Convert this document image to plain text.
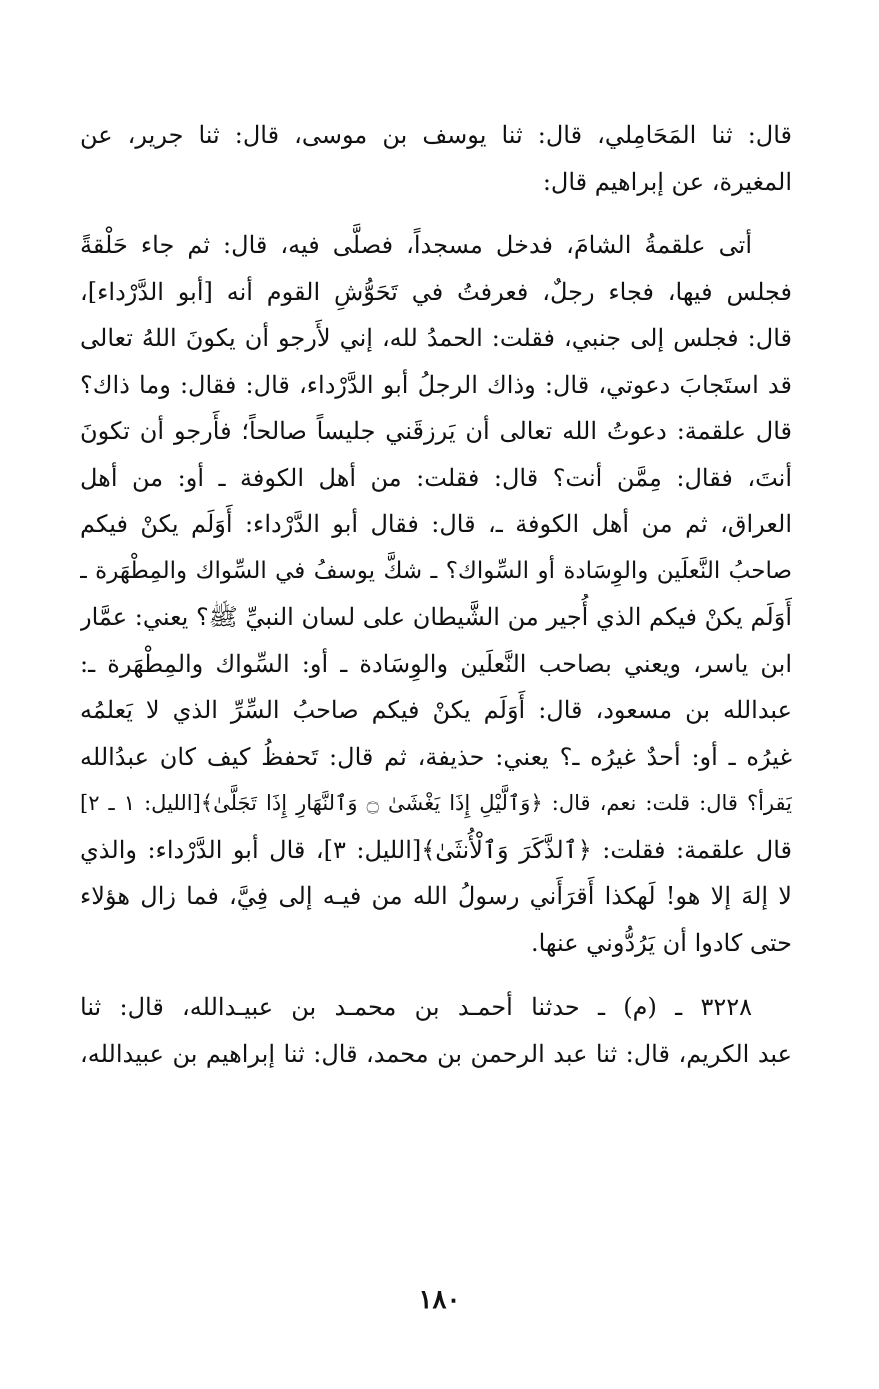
قال: ثنا المَحَامِلي، قال: ثنا يوسف بن موسى، قال: ثنا جرير، عن
المغيرة، عن إبراهيم قال:

أتى علقمةُ الشامَ، فدخل مسجداً، فصلَّى فيه، قال: ثم جاء حَلْقةً
فجلس فيها، فجاء رجلٌ، فعرفتُ في تَحَوُّشِ القوم أنه [أبو الدَّرْداء]،
قال: فجلس إلى جنبي، فقلت: الحمدُ لله، إني لأَرجو أن يكونَ اللهُ تعالى
قد استَجابَ دعوتي، قال: وذاك الرجلُ أبو الدَّرْداء، قال: فقال: وما ذاك؟
قال علقمة: دعوتُ الله تعالى أن يَرزقَني جليساً صالحاً؛ فأَرجو أن تكونَ
أنتَ، فقال: مِمَّن أنت؟ قال: فقلت: من أهل الكوفة ـ أو: من أهل
العراق، ثم من أهل الكوفة ـ، قال: فقال أبو الدَّرْداء: أَوَلَم يكنْ فيكم
صاحبُ النَّعلَين والوِسَادة أو السِّواك؟ ـ شكَّ يوسفُ في السِّواك والمِطْهَرة ـ
أَوَلَم يكنْ فيكم الذي أُجير من الشَّيطان على لسان النبيِّ ﷺ؟ يعني: عمَّار
ابن ياسر، ويعني بصاحب النَّعلَين والوِسَادة ـ أو: السِّواك والمِطْهَرة ـ:
عبدالله بن مسعود، قال: أَوَلَم يكنْ فيكم صاحبُ السِّرِّ الذي لا يَعلمُه
غيرُه ـ أو: أحدٌ غيرُه ـ؟ يعني: حذيفة، ثم قال: تَحفظُ كيف كان عبدُالله
يَقرأ؟ قال: قلت: نعم، قال: ﴿وَٱلَّيْلِ إِذَا يَغْشَىٰ ۝ وَٱلنَّهَارِ إِذَا تَجَلَّىٰ﴾[الليل: ١ ـ ٢]
قال علقمة: فقلت: ﴿ٱلذَّكَرَ وَٱلْأُنثَىٰ﴾[الليل: ٣]، قال أبو الدَّرْداء: والذي
لا إلهَ إلا هو! لَهكذا أَقرَأَني رسولُ الله من فيـه إلى فِيَّ، فما زال هؤلاء
حتى كادوا أن يَرُدُّوني عنها.

٣٢٢٨ ـ (م) ـ حدثنا أحمـد بن محمـد بن عبيـدالله، قال: ثنا
عبد الكريم، قال: ثنا عبد الرحمن بن محمد، قال: ثنا إبراهيم بن عبيدالله،

١٨٠
